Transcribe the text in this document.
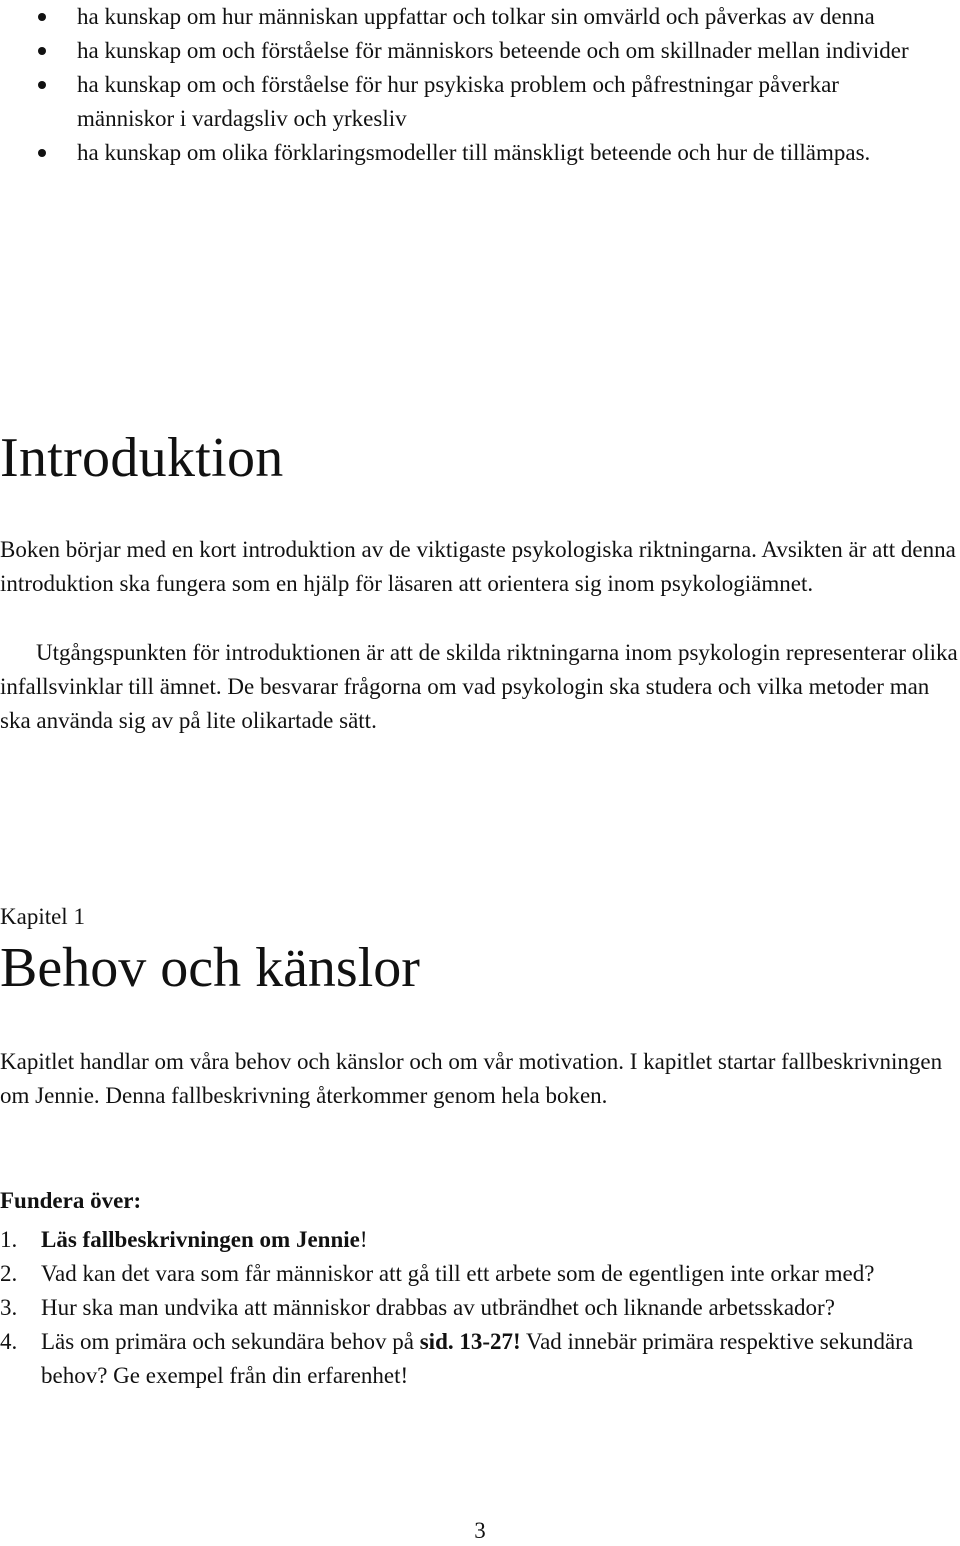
ha kunskap om hur människan uppfattar och tolkar sin omvärld och påverkas av denna
ha kunskap om och förståelse för människors beteende och om skillnader mellan individer
ha kunskap om och förståelse för hur psykiska problem och påfrestningar påverkar människor i vardagsliv och yrkesliv
ha kunskap om olika förklaringsmodeller till mänskligt beteende och hur de tillämpas.
Introduktion

Boken börjar med en kort introduktion av de viktigaste psykologiska riktningarna. Avsikten är att denna introduktion ska fungera som en hjälp för läsaren att orientera sig inom psykologiämnet.

Utgångspunkten för introduktionen är att de skilda riktningarna inom psykologin representerar olika infallsvinklar till ämnet. De besvarar frågorna om vad psykologin ska studera och vilka metoder man ska använda sig av på lite olikartade sätt.

Kapitel 1

Behov och känslor

Kapitlet handlar om våra behov och känslor och om vår motivation. I kapitlet startar fallbeskrivningen om Jennie. Denna fallbeskrivning återkommer genom hela boken.

Fundera över:

1. Läs fallbeskrivningen om Jennie!
2. Vad kan det vara som får människor att gå till ett arbete som de egentligen inte orkar med?
3. Hur ska man undvika att människor drabbas av utbrändhet och liknande arbetsskador?
4. Läs om primära och sekundära behov på sid. 13-27! Vad innebär primära respektive sekundära behov? Ge exempel från din erfarenhet!
3
